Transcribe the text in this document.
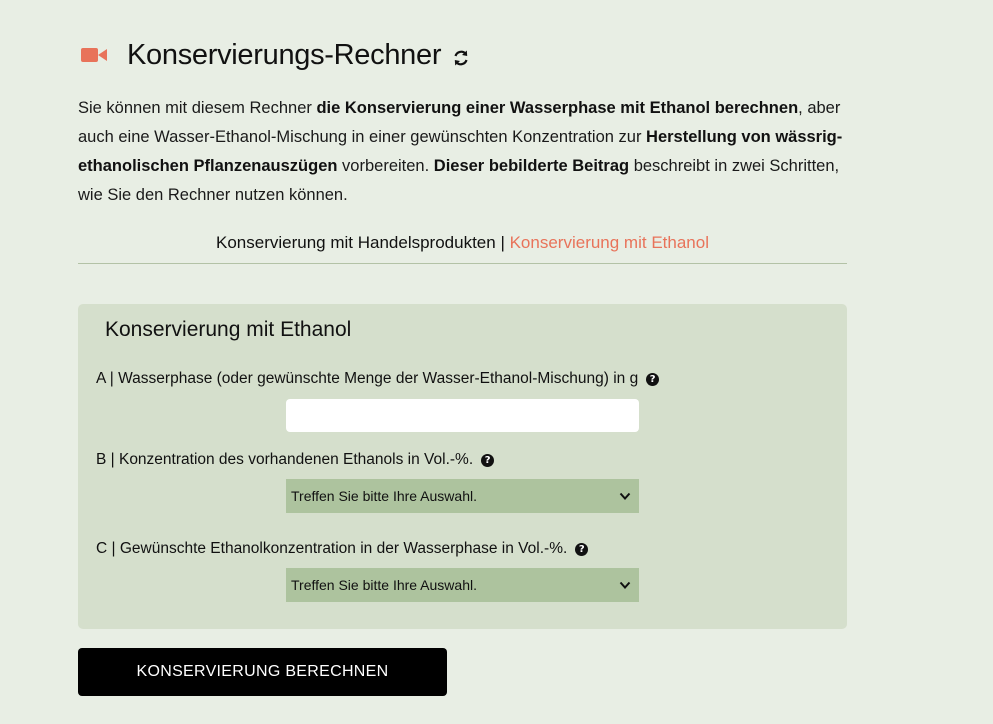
Konservierungs-Rechner
Sie können mit diesem Rechner die Konservierung einer Wasserphase mit Ethanol berechnen, aber auch eine Wasser-Ethanol-Mischung in einer gewünschten Konzentration zur Herstellung von wässrig-ethanolischen Pflanzenauszügen vorbereiten. Dieser bebilderte Beitrag beschreibt in zwei Schritten, wie Sie den Rechner nutzen können.
Konservierung mit Handelsprodukten | Konservierung mit Ethanol
Konservierung mit Ethanol
A | Wasserphase (oder gewünschte Menge der Wasser-Ethanol-Mischung) in g	?
B | Konzentration des vorhandenen Ethanols in Vol.-%.	?
Treffen Sie bitte Ihre Auswahl.
C | Gewünschte Ethanolkonzentration in der Wasserphase in Vol.-%.	?
Treffen Sie bitte Ihre Auswahl.
KONSERVIERUNG BERECHNEN
